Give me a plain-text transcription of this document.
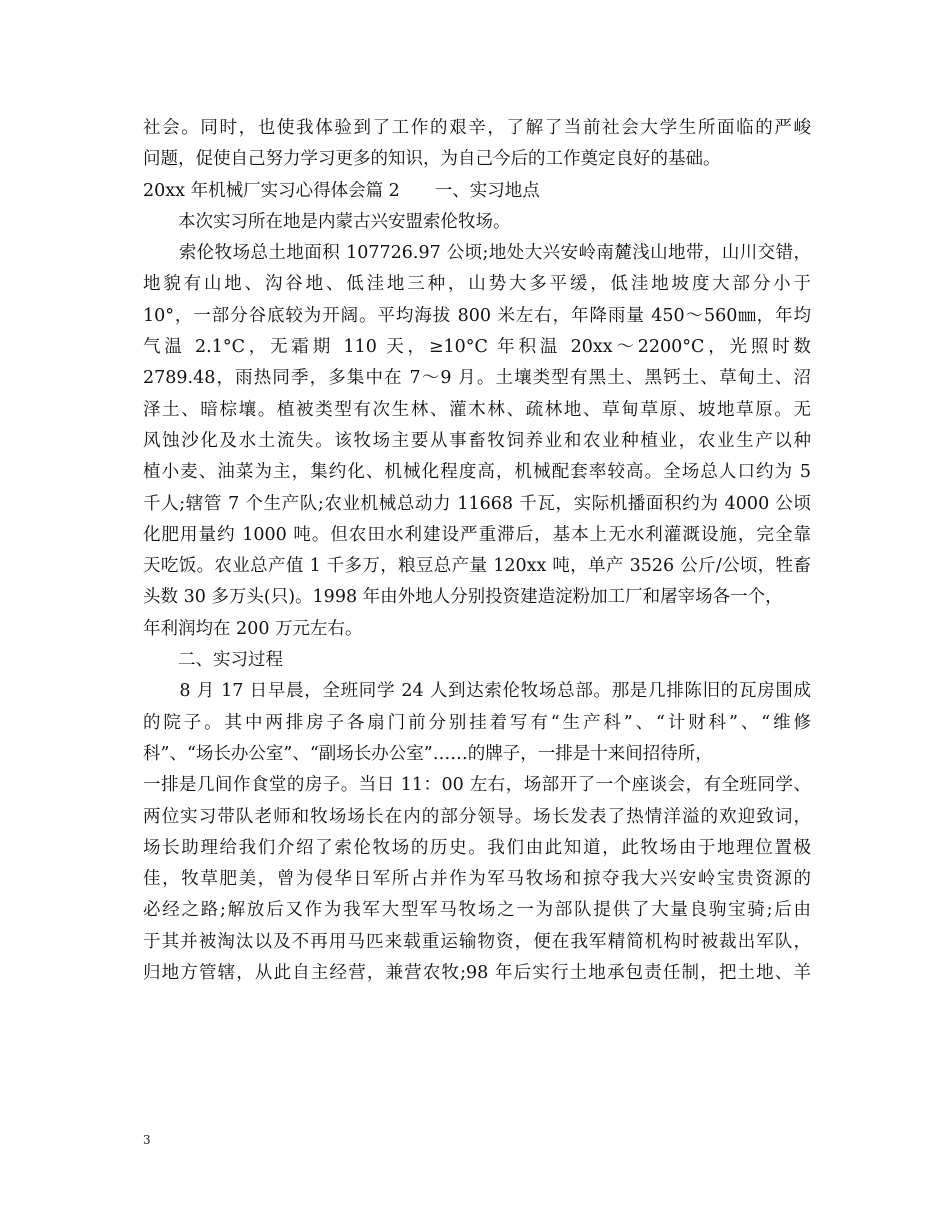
社会。同时，也使我体验到了工作的艰辛，了解了当前社会大学生所面临的严峻
问题，促使自己努力学习更多的知识，为自己今后的工作奠定良好的基础。
20xx 年机械厂实习心得体会篇 2　　一、实习地点
　　本次实习所在地是内蒙古兴安盟索伦牧场。
　　索伦牧场总土地面积 107726.97 公顷;地处大兴安岭南麓浅山地带，山川交错，
地貌有山地、沟谷地、低洼地三种，山势大多平缓，低洼地坡度大部分小于
10°，一部分谷底较为开阔。平均海拔 800 米左右，年降雨量 450～560㎜，年均
气温 2.1°C，无霜期 110 天，≥10°C 年积温 20xx～2200°C，光照时数
2789.48，雨热同季，多集中在 7～9 月。土壤类型有黑土、黑钙土、草甸土、沼
泽土、暗棕壤。植被类型有次生林、灌木林、疏林地、草甸草原、坡地草原。无
风蚀沙化及水土流失。该牧场主要从事畜牧饲养业和农业种植业，农业生产以种
植小麦、油菜为主，集约化、机械化程度高，机械配套率较高。全场总人口约为 5
千人;辖管 7 个生产队;农业机械总动力 11668 千瓦，实际机播面积约为 4000 公顷
化肥用量约 1000 吨。但农田水利建设严重滞后，基本上无水利灌溉设施，完全靠
天吃饭。农业总产值 1 千多万，粮豆总产量 120xx 吨，单产 3526 公斤/公顷，牲畜
头数 30 多万头(只)。1998 年由外地人分别投资建造淀粉加工厂和屠宰场各一个，
年利润均在 200 万元左右。
　　二、实习过程
　　8 月 17 日早晨，全班同学 24 人到达索伦牧场总部。那是几排陈旧的瓦房围成
的院子。其中两排房子各扇门前分别挂着写有“生产科”、“计财科”、“维修
科”、“场长办公室”、“副场长办公室”……的牌子，一排是十来间招待所，
一排是几间作食堂的房子。当日 11：00 左右，场部开了一个座谈会，有全班同学、
两位实习带队老师和牧场场长在内的部分领导。场长发表了热情洋溢的欢迎致词，
场长助理给我们介绍了索伦牧场的历史。我们由此知道，此牧场由于地理位置极
佳，牧草肥美，曾为侵华日军所占并作为军马牧场和掠夺我大兴安岭宝贵资源的
必经之路;解放后又作为我军大型军马牧场之一为部队提供了大量良驹宝骑;后由
于其并被淘汰以及不再用马匹来载重运输物资，便在我军精简机构时被裁出军队，
归地方管辖，从此自主经营，兼营农牧;98 年后实行土地承包责任制，把土地、羊
3
